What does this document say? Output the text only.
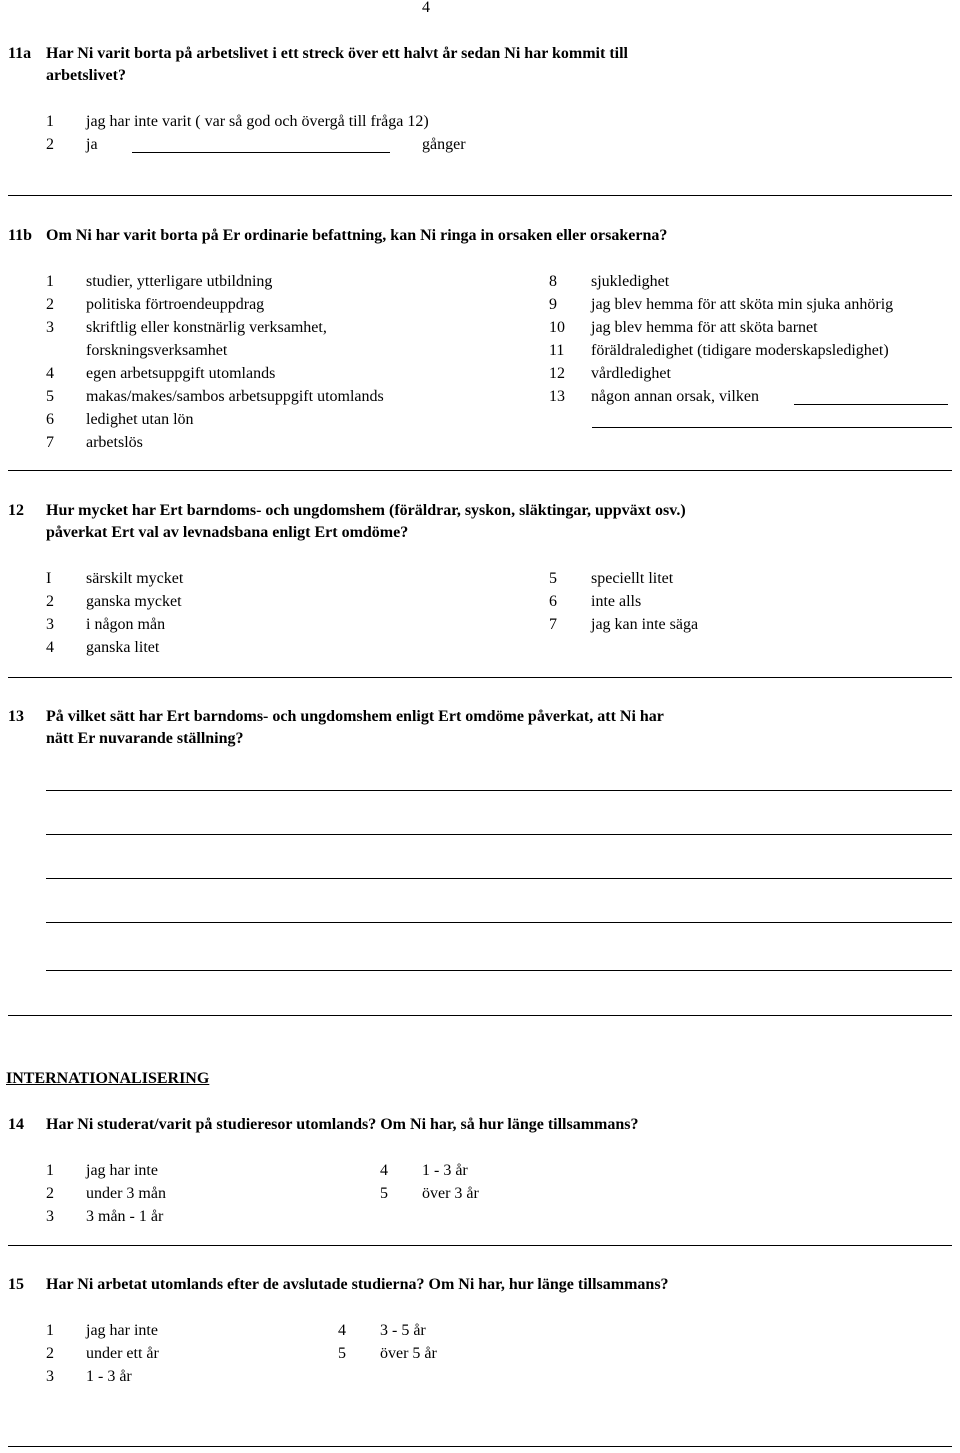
4
11a Har Ni varit borta på arbetslivet i ett streck över ett halvt år sedan Ni har kommit till
arbetslivet?
1 jag har inte varit ( var så god och övergå till fråga 12)
2 ja	gånger
11b Om Ni har varit borta på Er ordinarie befattning, kan Ni ringa in orsaken eller orsakerna?
1 studier, ytterligare utbildning
2 politiska förtroendeuppdrag
3 skriftlig eller konstnärlig verksamhet,
forskningsverksamhet
4 egen arbetsuppgift utomlands
5 makas/makes/sambos arbetsuppgift utomlands
6 ledighet utan lön
7 arbetslös
8 sjukledighet
9 jag blev hemma för att sköta min sjuka anhörig
10 jag blev hemma för att sköta barnet
11 föräldraledighet (tidigare moderskapsledighet)
12 vårdledighet
13 någon annan orsak, vilken
12 Hur mycket har Ert barndoms- och ungdomshem (föräldrar, syskon, släktingar, uppväxt osv.)
påverkat Ert val av levnadsbana enligt Ert omdöme?
I särskilt mycket
2 ganska mycket
3 i någon mån
4 ganska litet
5 speciellt litet
6 inte alls
7 jag kan inte säga
13 På vilket sätt har Ert barndoms- och ungdomshem enligt Ert omdöme påverkat, att Ni har
nätt Er nuvarande ställning?
INTERNATIONALISERING
14 Har Ni studerat/varit på studieresor utomlands? Om Ni har, så hur länge tillsammans?
1 jag har inte
2 under 3 mån
3 3 mån - 1 år
4 1 - 3 år
5 över 3 år
15 Har Ni arbetat utomlands efter de avslutade studierna? Om Ni har, hur länge tillsammans?
1 jag har inte
2 under ett år
3 1 - 3 år
4 3 - 5 år
5 över 5 år
